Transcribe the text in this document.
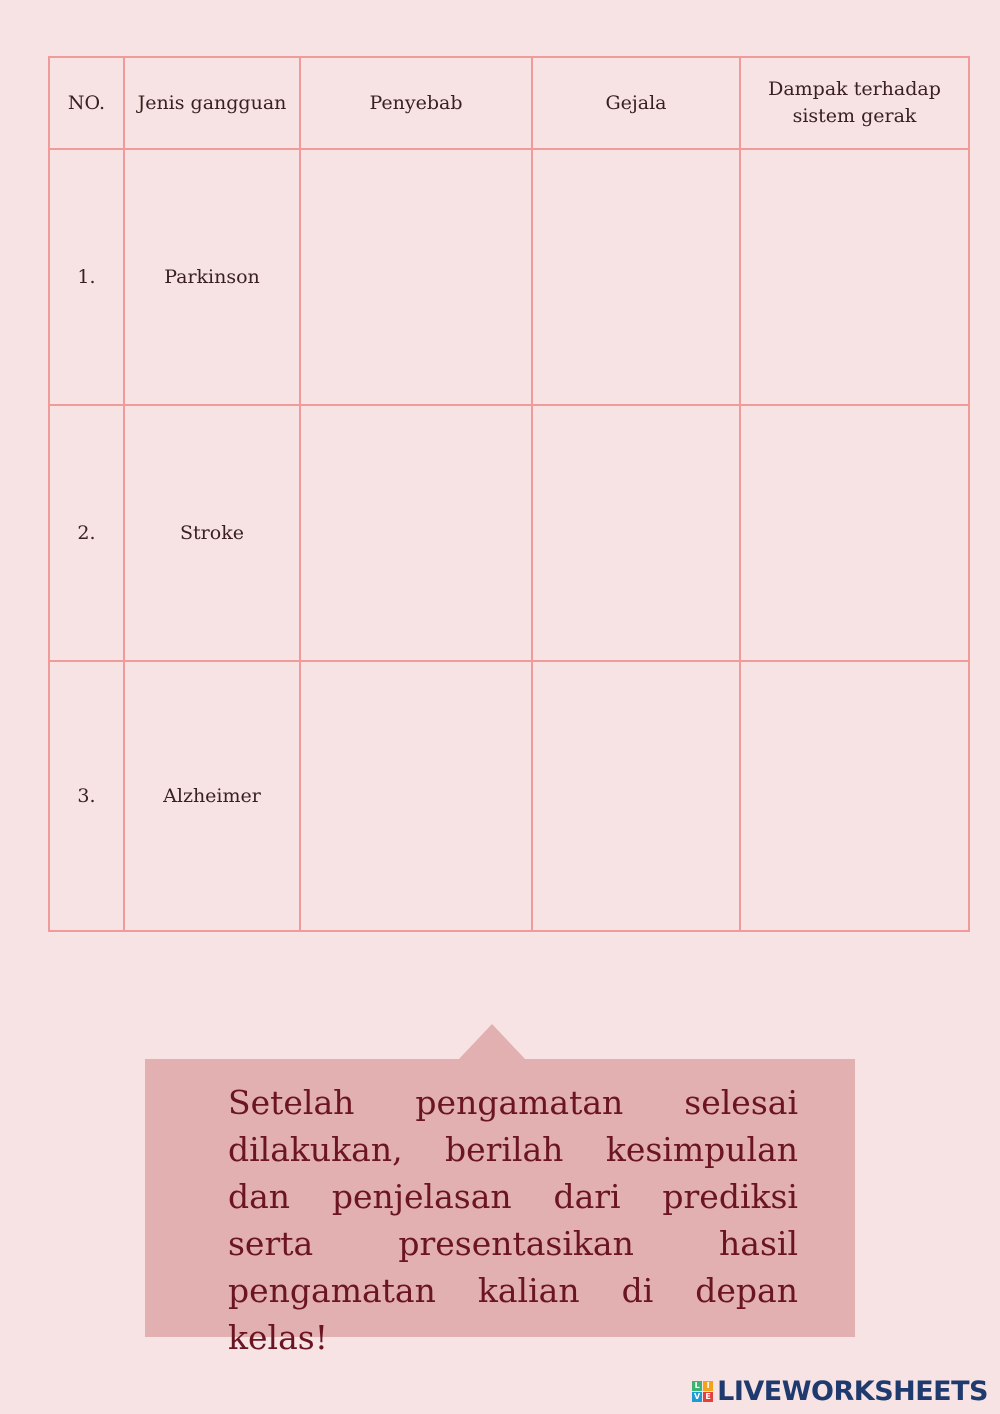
NO.	Jenis gangguan	Penyebab	Gejala	Dampak terhadap sistem gerak
1.	Parkinson			
2.	Stroke			
3.	Alzheimer			

Setelah pengamatan selesai dilakukan, berilah kesimpulan dan penjelasan dari prediksi serta presentasikan hasil pengamatan kalian di depan kelas!

L I
V E LIVEWORKSHEETS
